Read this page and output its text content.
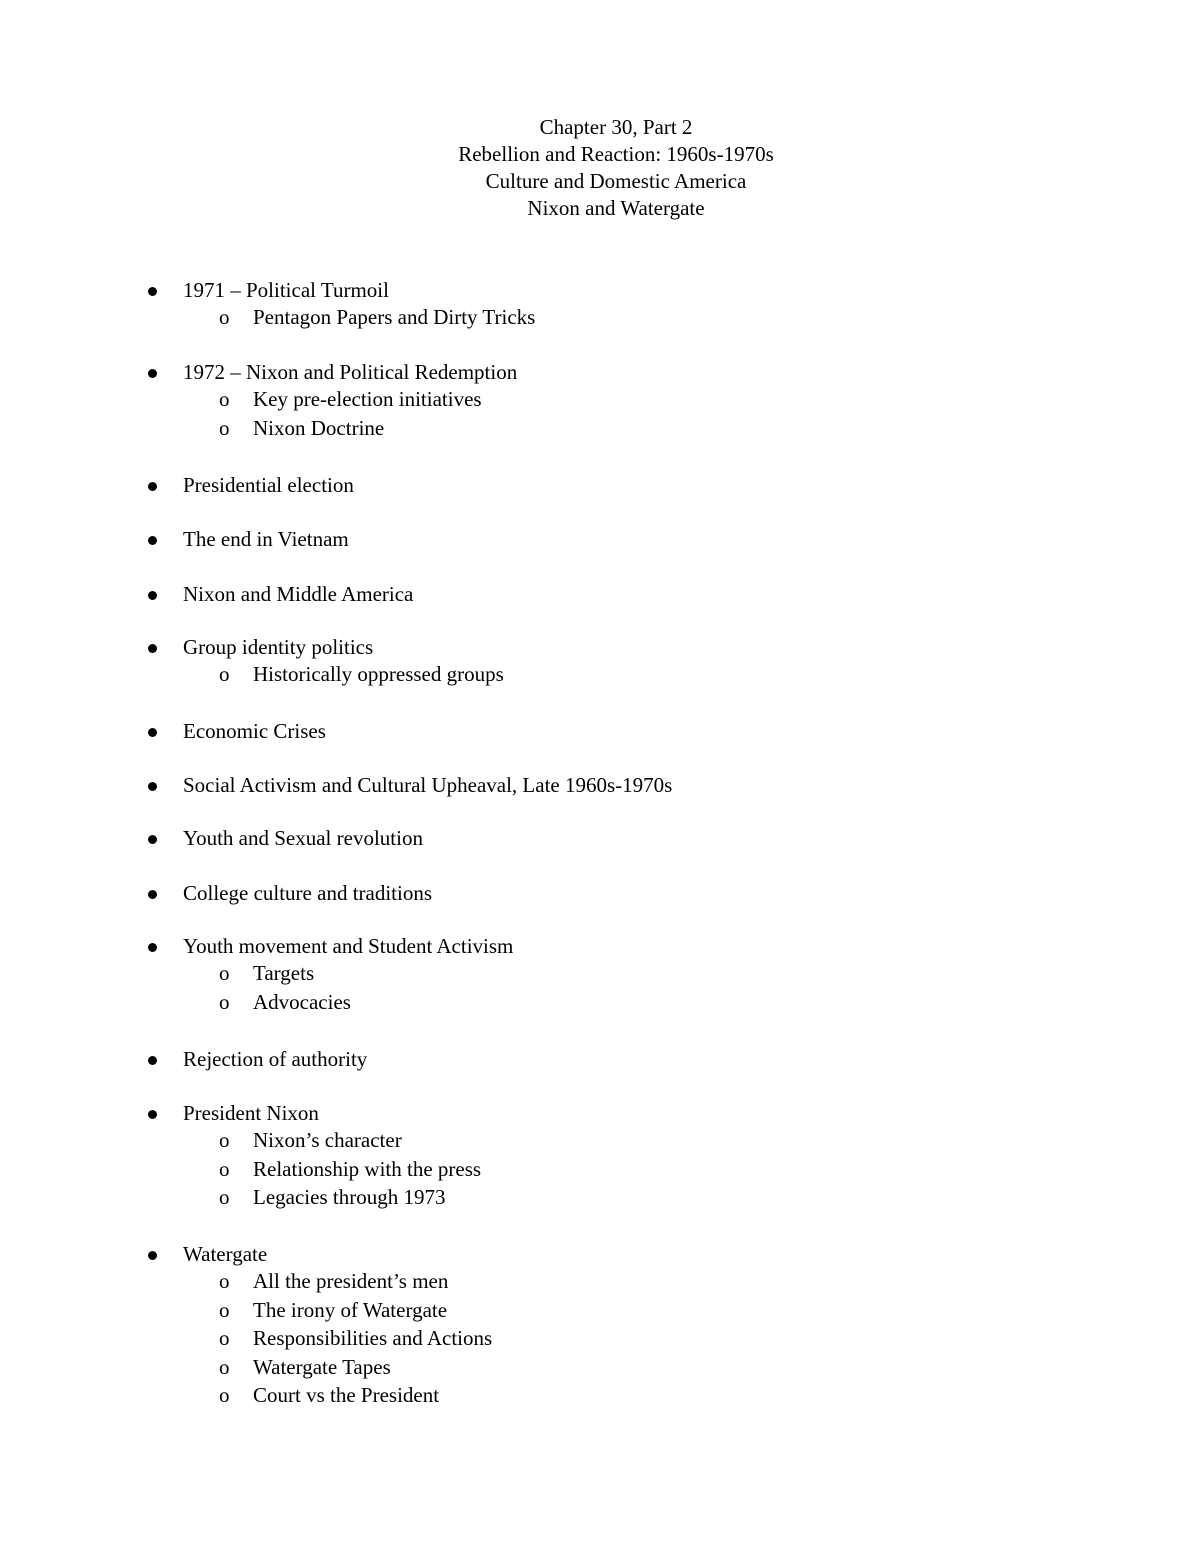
Chapter 30, Part 2
Rebellion and Reaction: 1960s-1970s
Culture and Domestic America
Nixon and Watergate
1971 – Political Turmoil
o Pentagon Papers and Dirty Tricks
1972 – Nixon and Political Redemption
o Key pre-election initiatives
o Nixon Doctrine
Presidential election
The end in Vietnam
Nixon and Middle America
Group identity politics
o Historically oppressed groups
Economic Crises
Social Activism and Cultural Upheaval, Late 1960s-1970s
Youth and Sexual revolution
College culture and traditions
Youth movement and Student Activism
o Targets
o Advocacies
Rejection of authority
President Nixon
o Nixon’s character
o Relationship with the press
o Legacies through 1973
Watergate
o All the president’s men
o The irony of Watergate
o Responsibilities and Actions
o Watergate Tapes
o Court vs the President
